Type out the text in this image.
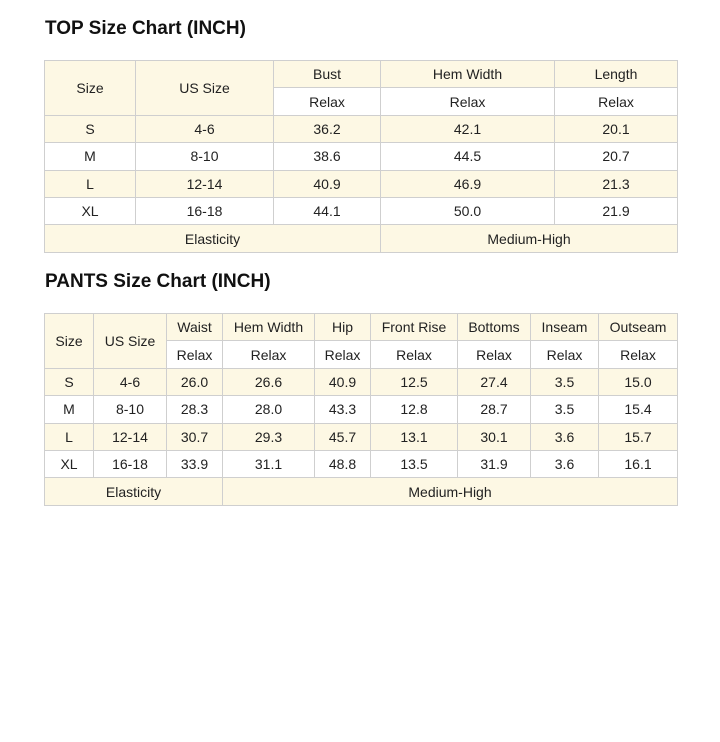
TOP Size Chart (INCH)
Size	US Size	Bust	Hem Width	Length
		Relax	Relax	Relax
S	4-6	36.2	42.1	20.1
M	8-10	38.6	44.5	20.7
L	12-14	40.9	46.9	21.3
XL	16-18	44.1	50.0	21.9
Elasticity			Medium-High	
PANTS Size Chart (INCH)
Size	US Size	Waist	Hem Width	Hip	Front Rise	Bottoms	Inseam	Outseam
		Relax	Relax	Relax	Relax	Relax	Relax	Relax
S	4-6	26.0	26.6	40.9	12.5	27.4	3.5	15.0
M	8-10	28.3	28.0	43.3	12.8	28.7	3.5	15.4
L	12-14	30.7	29.3	45.7	13.1	30.1	3.6	15.7
XL	16-18	33.9	31.1	48.8	13.5	31.9	3.6	16.1
Elasticity			Medium-High					
